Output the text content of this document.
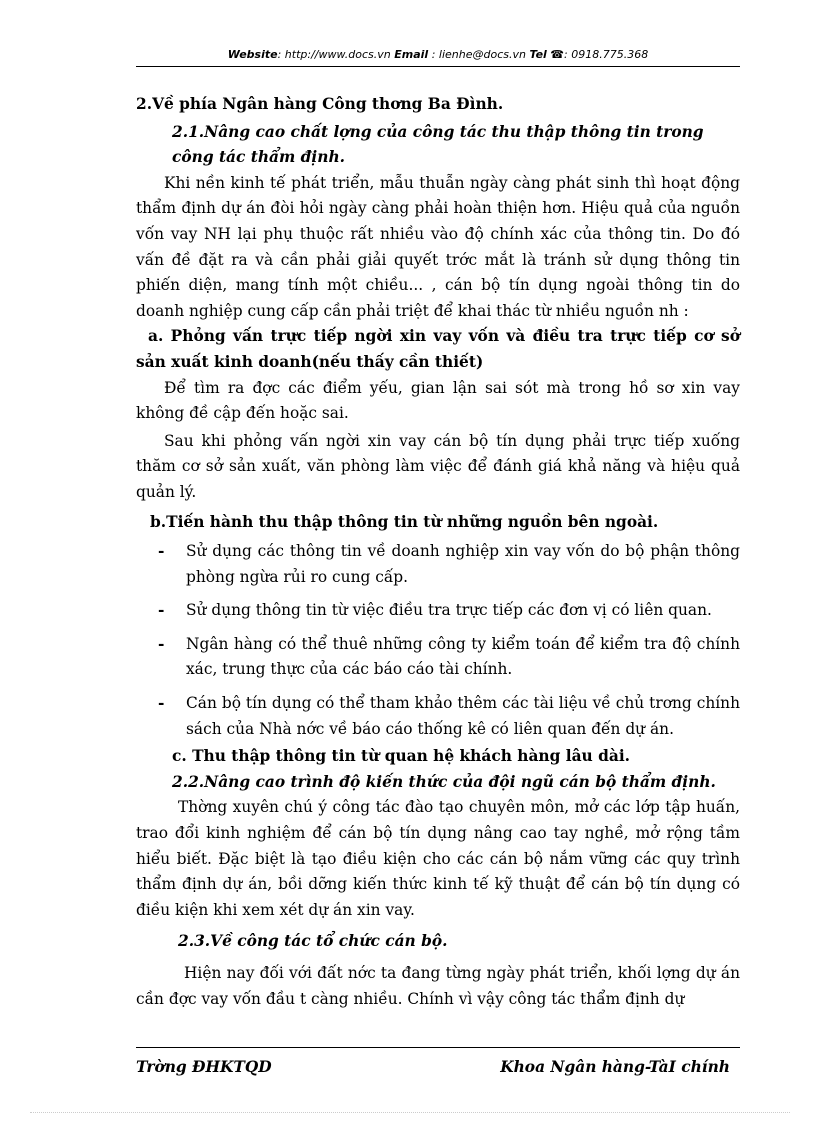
Website: http://www.docs.vn Email : lienhe@docs.vn Tel ☎: 0918.775.368

2.Về phía Ngân hàng Công thơng Ba Đình.

2.1.Nâng cao chất lợng của công tác thu thập thông tin trong công tác thẩm định.

Khi nền kinh tế phát triển, mẫu thuẫn ngày càng phát sinh thì hoạt động thẩm định dự án đòi hỏi ngày càng phải hoàn thiện hơn. Hiệu quả của nguồn vốn vay NH lại phụ thuộc rất nhiều vào độ chính xác của thông tin. Do đó vấn đề đặt ra và cần phải giải quyết trớc mắt là tránh sử dụng thông tin phiến diện, mang tính một chiều... , cán bộ tín dụng ngoài thông tin do doanh nghiệp cung cấp cần phải triệt để khai thác từ nhiều nguồn nh :

a. Phỏng vấn trực tiếp ngời xin vay vốn và điều tra trực tiếp cơ sở sản xuất kinh doanh(nếu thấy cần thiết)

Để tìm ra đợc các điểm yếu, gian lận sai sót mà trong hồ sơ xin vay không đề cập đến hoặc sai.

Sau khi phỏng vấn ngời xin vay cán bộ tín dụng phải trực tiếp xuống thăm cơ sở sản xuất, văn phòng làm việc để đánh giá khả năng và hiệu quả quản lý.

b.Tiến hành thu thập thông tin từ những nguồn bên ngoài.

- Sử dụng các thông tin về doanh nghiệp xin vay vốn do bộ phận thông phòng ngừa rủi ro cung cấp.
- Sử dụng thông tin từ việc điều tra trực tiếp các đơn vị có liên quan.
- Ngân hàng có thể thuê những công ty kiểm toán để kiểm tra độ chính xác, trung thực của các báo cáo tài chính.
- Cán bộ tín dụng có thể tham khảo thêm các tài liệu về chủ trơng chính sách của Nhà nớc về báo cáo thống kê có liên quan đến dự án.

c. Thu thập thông tin từ quan hệ khách hàng lâu dài.

2.2.Nâng cao trình độ kiến thức của đội ngũ cán bộ thẩm định.

Thờng xuyên chú ý công tác đào tạo chuyên môn, mở các lớp tập huấn, trao đổi kinh nghiệm để cán bộ tín dụng nâng cao tay nghề, mở rộng tầm hiểu biết. Đặc biệt là tạo điều kiện cho các cán bộ nắm vững các quy trình thẩm định dự án, bồi dỡng kiến thức kinh tế kỹ thuật để cán bộ tín dụng có điều kiện khi xem xét dự án xin vay.

2.3.Về công tác tổ chức cán bộ.

Hiện nay đối với đất nớc ta đang từng ngày phát triển, khối lợng dự án cần đợc vay vốn đầu t càng nhiều. Chính vì vậy công tác thẩm định dự

Trờng ĐHKTQD	Khoa Ngân hàng-TàI chính
